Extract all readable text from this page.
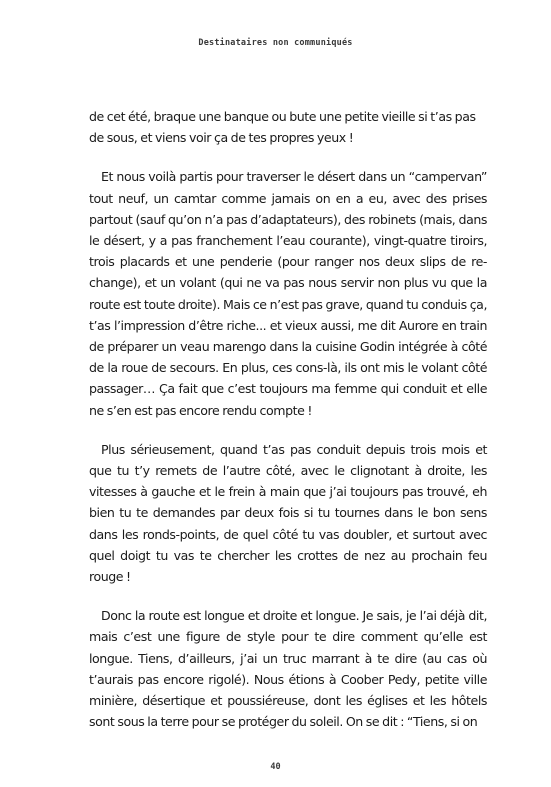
Destinataires non communiqués

de cet été, braque une banque ou bute une petite vieille si t’as pas de sous, et viens voir ça de tes propres yeux !

Et nous voilà partis pour traverser le désert dans un “campervan” tout neuf, un camtar comme jamais on en a eu, avec des prises partout (sauf qu’on n’a pas d’adaptateurs), des robinets (mais, dans le désert, y a pas franchement l’eau courante), vingt-quatre tiroirs, trois placards et une penderie (pour ranger nos deux slips de re-change), et un volant (qui ne va pas nous servir non plus vu que la route est toute droite). Mais ce n’est pas grave, quand tu conduis ça, t’as l’impression d’être riche... et vieux aussi, me dit Aurore en train de préparer un veau marengo dans la cuisine Godin intégrée à côté de la roue de secours. En plus, ces cons-là, ils ont mis le volant côté passager… Ça fait que c’est toujours ma femme qui conduit et elle ne s’en est pas encore rendu compte !

Plus sérieusement, quand t’as pas conduit depuis trois mois et que tu t’y remets de l’autre côté, avec le clignotant à droite, les vitesses à gauche et le frein à main que j’ai toujours pas trouvé, eh bien tu te demandes par deux fois si tu tournes dans le bon sens dans les ronds-points, de quel côté tu vas doubler, et surtout avec quel doigt tu vas te chercher les crottes de nez au prochain feu rouge !

Donc la route est longue et droite et longue. Je sais, je l’ai déjà dit, mais c’est une figure de style pour te dire comment qu’elle est longue. Tiens, d’ailleurs, j’ai un truc marrant à te dire (au cas où t’aurais pas encore rigolé). Nous étions à Coober Pedy, petite ville minière, désertique et poussiéreuse, dont les églises et les hôtels sont sous la terre pour se protéger du soleil. On se dit : “Tiens, si on

40
